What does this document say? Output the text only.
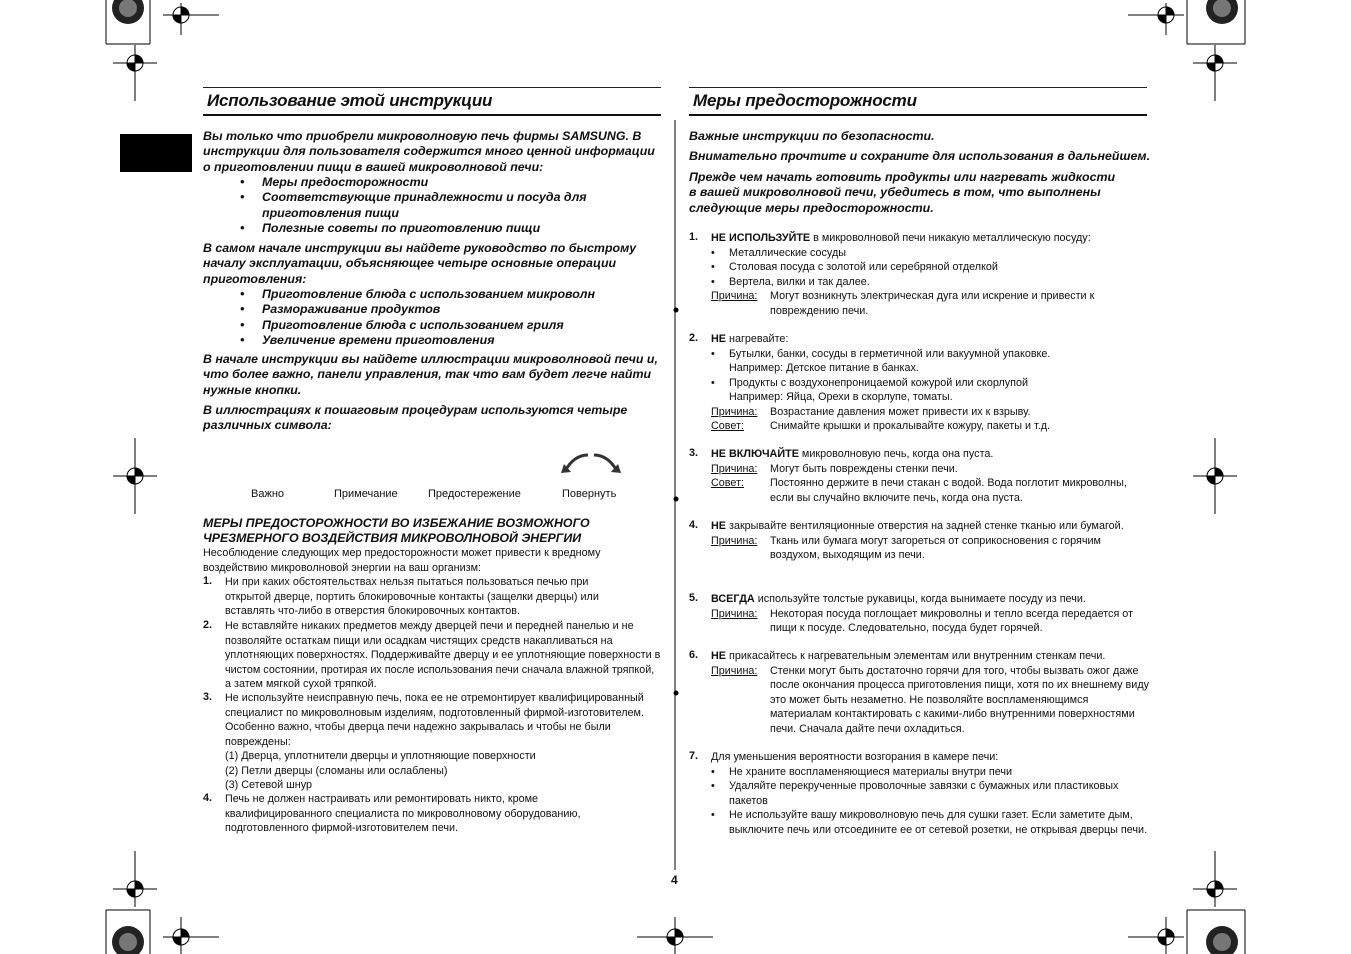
Использование этой инструкции

Вы только что приобрели микроволновую печь фирмы SAMSUNG. В инструкции для пользователя содержится много ценной информации о приготовлении пищи в вашей микроволновой печи:

• Меры предосторожности
• Соответствующие принадлежности и посуда для приготовления пищи
• Полезные советы по приготовлению пищи

В самом начале инструкции вы найдете руководство по быстрому началу эксплуатации, объясняющее четыре основные операции приготовления:

• Приготовление блюда с использованием микроволн
• Размораживание продуктов
• Приготовление блюда с использованием гриля
• Увеличение времени приготовления

В начале инструкции вы найдете иллюстрации микроволновой печи и, что более важно, панели управления, так что вам будет легче найти нужные кнопки.

В иллюстрациях к пошаговым процедурам используются четыре различных символа:

Важно	Примечание	Предостережение	Повернуть

МЕРЫ ПРЕДОСТОРОЖНОСТИ ВО ИЗБЕЖАНИЕ ВОЗМОЖНОГО ЧРЕЗМЕРНОГО ВОЗДЕЙСТВИЯ МИКРОВОЛНОВОЙ ЭНЕРГИИ

Несоблюдение следующих мер предосторожности может привести к вредному воздействию микроволновой энергии на ваш организм:

1. Ни при каких обстоятельствах нельзя пытаться пользоваться печью при открытой дверце, портить блокировочные контакты (защелки дверцы) или вставлять что-либо в отверстия блокировочных контактов.

2. Не вставляйте никаких предметов между дверцей печи и передней панелью и не позволяйте остаткам пищи или осадкам чистящих средств накапливаться на уплотняющих поверхностях. Поддерживайте дверцу и ее уплотняющие поверхности в чистом состоянии, протирая их после использования печи сначала влажной тряпкой, а затем мягкой сухой тряпкой.

3. Не используйте неисправную печь, пока ее не отремонтирует квалифицированный специалист по микроволновым изделиям, подготовленный фирмой-изготовителем. Особенно важно, чтобы дверца печи надежно закрывалась и чтобы не были повреждены:

(1) Дверца, уплотнители дверцы и уплотняющие поверхности
(2) Петли дверцы (сломаны или ослаблены)
(3) Сетевой шнур
4. Печь не должен настраивать или ремонтировать никто, кроме квалифицированного специалиста по микроволновому оборудованию, подготовленного фирмой-изготовителем печи.

Меры предосторожности

Важные инструкции по безопасности.

Внимательно прочтите и сохраните для использования в дальнейшем.

Прежде чем начать готовить продукты или нагревать жидкости в вашей микроволновой печи, убедитесь в том, что выполнены следующие меры предосторожности.

1. НЕ ИСПОЛЬЗУЙТЕ в микроволновой печи никакую металлическую посуду:
• Металлические сосуды
• Столовая посуда с золотой или серебряной отделкой
• Вертела, вилки и так далее.
Причина: Могут возникнуть электрическая дуга или искрение и привести к повреждению печи.
2. НЕ нагревайте:
• Бутылки, банки, сосуды в герметичной или вакуумной упаковке. Например: Детское питание в банках.
• Продукты с воздухонепроницаемой кожурой или скорлупой Например: Яйца, Орехи в скорлупе, томаты.
Причина: Возрастание давления может привести их к взрыву.
Совет: Снимайте крышки и прокалывайте кожуру, пакеты и т.д.
3. НЕ ВКЛЮЧАЙТЕ микроволновую печь, когда она пуста.
Причина: Могут быть повреждены стенки печи.
Совет: Постоянно держите в печи стакан с водой. Вода поглотит микроволны, если вы случайно включите печь, когда она пуста.
4. НЕ закрывайте вентиляционные отверстия на задней стенке тканью или бумагой.
Причина: Ткань или бумага могут загореться от соприкосновения с горячим воздухом, выходящим из печи.
5. ВСЕГДА используйте толстые рукавицы, когда вынимаете посуду из печи.
Причина: Некоторая посуда поглощает микроволны и тепло всегда передается от пищи к посуде. Следовательно, посуда будет горячей.
6. НЕ прикасайтесь к нагревательным элементам или внутренним стенкам печи.
Причина: Стенки могут быть достаточно горячи для того, чтобы вызвать ожог даже после окончания процесса приготовления пищи, хотя по их внешнему виду это может быть незаметно. Не позволяйте воспламеняющимся материалам контактировать с какими-либо внутренними поверхностями печи. Сначала дайте печи охладиться.
7. Для уменьшения вероятности возгорания в камере печи:
• Не храните воспламеняющиеся материалы внутри печи
• Удаляйте перекрученные проволочные завязки с бумажных или пластиковых пакетов
• Не используйте вашу микроволновую печь для сушки газет. Если заметите дым, выключите печь или отсоедините ее от сетевой розетки, не открывая дверцы печи.
4
